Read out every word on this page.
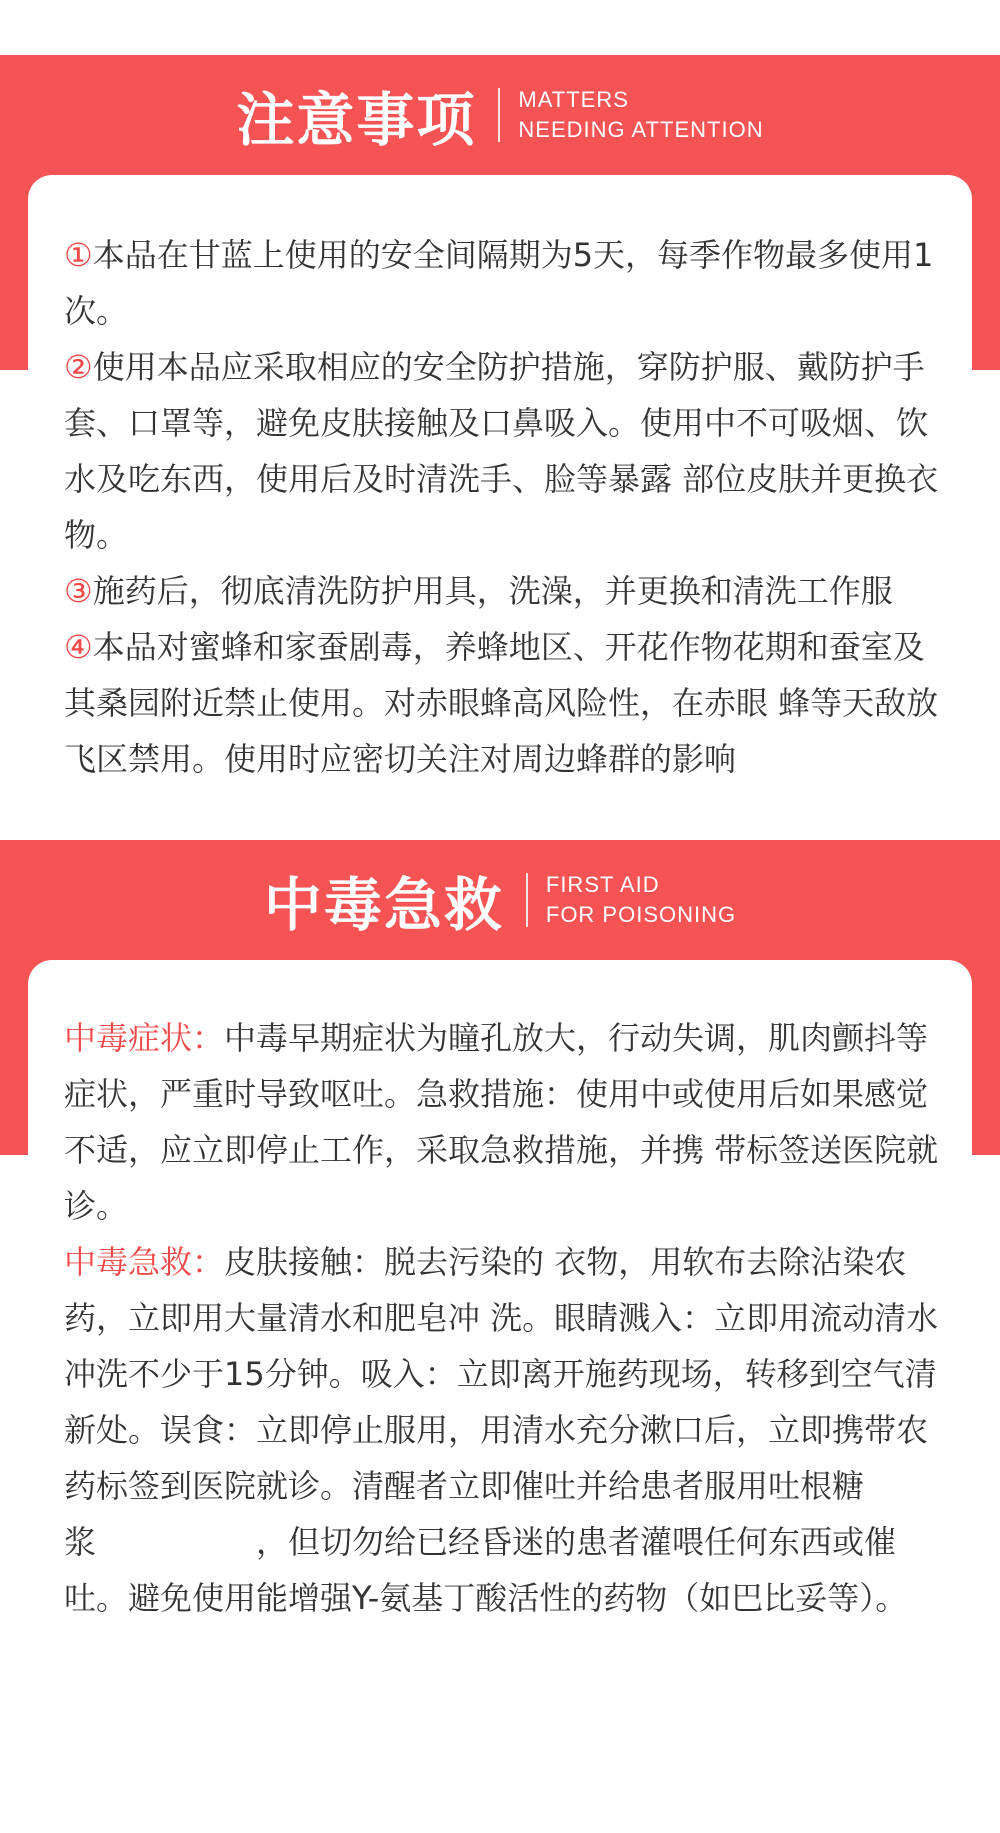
注意事项 MATTERS
NEEDING ATTENTION

①本品在甘蓝上使用的安全间隔期为5天，每季作物最多使用1次。

②使用本品应采取相应的安全防护措施，穿防护服、戴防护手套、口罩等，避免皮肤接触及口鼻吸入。使用中不可吸烟、饮水及吃东西，使用后及时清洗手、脸等暴露 部位皮肤并更换衣物。

③施药后，彻底清洗防护用具，洗澡，并更换和清洗工作服

④本品对蜜蜂和家蚕剧毒，养蜂地区、开花作物花期和蚕室及其桑园附近禁止使用。对赤眼蜂高风险性，在赤眼 蜂等天敌放飞区禁用。使用时应密切关注对周边蜂群的影响

中毒急救 FIRST AID
FOR POISONING

中毒症状：中毒早期症状为瞳孔放大，行动失调，肌肉颤抖等症状，严重时导致呕吐。急救措施：使用中或使用后如果感觉不适，应立即停止工作，采取急救措施，并携 带标签送医院就诊。

中毒急救：皮肤接触：脱去污染的 衣物，用软布去除沾染农药，立即用大量清水和肥皂冲 洗。眼睛溅入：立即用流动清水冲洗不少于15分钟。吸入：立即离开施药现场，转移到空气清新处。误食：立即停止服用，用清水充分漱口后，立即携带农药标签到医院就诊。清醒者立即催吐并给患者服用吐根糖浆　　　　　，但切勿给已经昏迷的患者灌喂任何东西或催吐。避免使用能增强Y-氨基丁酸活性的药物（如巴比妥等）。
